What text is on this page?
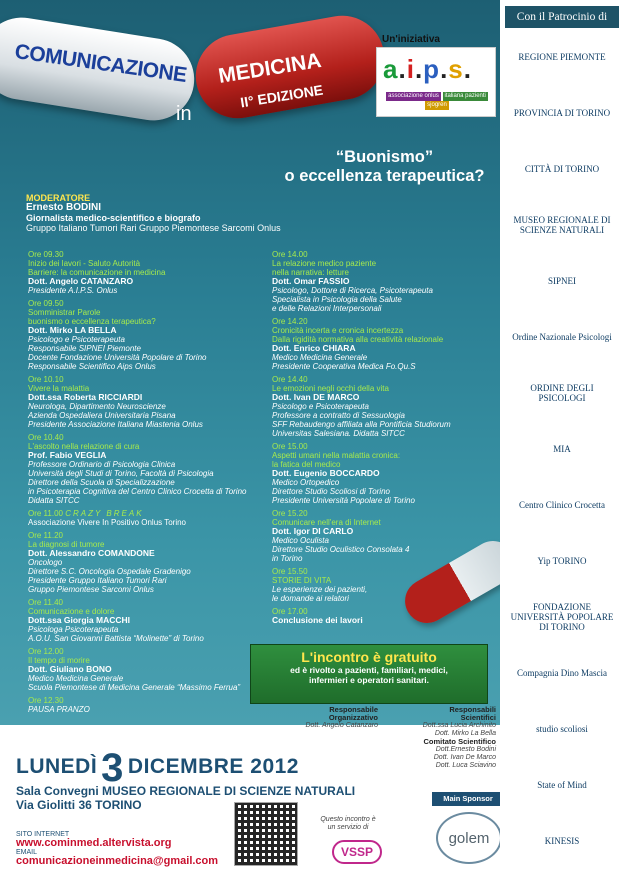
COMUNICAZIONE
in
MEDICINA
II° EDIZIONE
Un'iniziativa
a.i.p.s.
associazione onlus italiana pazienti sjogren
“Buonismo”
o eccellenza terapeutica?
MODERATORE
Ernesto BODINI
Giornalista medico-scientifico e biografo
Gruppo Italiano Tumori Rari Gruppo Piemontese Sarcomi Onlus
Ore 09.30
Inizio dei lavori - Saluto Autorità
Barriere: la comunicazione in medicina
Dott. Angelo CATANZARO
Presidente A.I.P.S. Onlus
Ore 09.50
Somministrar Parole
buonismo o eccellenza terapeutica?
Dott. Mirko LA BELLA
Psicologo e Psicoterapeuta
Responsabile SIPNEI Piemonte
Docente Fondazione Università Popolare di Torino
Responsabile Scientifico Aips Onlus
Ore 10.10
Vivere la malattia
Dott.ssa Roberta RICCIARDI
Neurologa, Dipartimento Neuroscienze
Azienda Ospedaliera Universitaria Pisana
Presidente Associazione Italiana Miastenia Onlus
Ore 10.40
L'ascolto nella relazione di cura
Prof. Fabio VEGLIA
Professore Ordinario di Psicologia Clinica
Università degli Studi di Torino, Facoltà di Psicologia
Direttore della Scuola di Specializzazione
in Psicoterapia Cognitiva del Centro Clinico Crocetta di Torino
Didatta SITCC
Ore 11.00 CRAZY BREAK
Associazione Vivere In Positivo Onlus Torino
Ore 11.20
La diagnosi di tumore
Dott. Alessandro COMANDONE
Oncologo
Direttore S.C. Oncologia Ospedale Gradenigo
Presidente Gruppo Italiano Tumori Rari
Gruppo Piemontese Sarcomi Onlus
Ore 11.40
Comunicazione e dolore
Dott.ssa Giorgia MACCHI
Psicologa Psicoterapeuta
A.O.U. San Giovanni Battista “Molinette” di Torino
Ore 12.00
Il tempo di morire
Dott. Giuliano BONO
Medico Medicina Generale
Scuola Piemontese di Medicina Generale “Massimo Ferrua”
Ore 12.30
PAUSA PRANZO
Ore 14.00
La relazione medico paziente
nella narrativa: letture
Dott. Omar FASSIO
Psicologo, Dottore di Ricerca, Psicoterapeuta
Specialista in Psicologia della Salute
e delle Relazioni Interpersonali
Ore 14.20
Cronicità incerta e cronica incertezza
Dalla rigidità normativa alla creatività relazionale
Dott. Enrico CHIARA
Medico Medicina Generale
Presidente Cooperativa Medica Fo.Qu.S
Ore 14.40
Le emozioni negli occhi della vita
Dott. Ivan DE MARCO
Psicologo e Psicoterapeuta
Professore a contratto di Sessuologia
SFF Rebaudengo affiliata alla Pontificia Studiorum
Universitas Salesiana. Didatta SITCC
Ore 15.00
Aspetti umani nella malattia cronica:
la fatica del medico
Dott. Eugenio BOCCARDO
Medico Ortopedico
Direttore Studio Scoliosi di Torino
Presidente Università Popolare di Torino
Ore 15.20
Comunicare nell'era di Internet
Dott. Igor DI CARLO
Medico Oculista
Direttore Studio Oculistico Consolata 4
in Torino
Ore 15.50
STORIE DI VITA
Le esperienze dei pazienti,
le domande ai relatori
Ore 17.00
Conclusione dei lavori
L'incontro è gratuito
ed è rivolto a pazienti, familiari, medici,
infermieri e operatori sanitari.
Responsabile
Organizzativo
Dott. Angelo Catanzaro
Responsabili
Scientifici
Dott.ssa Lucia Archinito
Dott. Mirko La Bella
Comitato Scientifico
Dott.Ernesto Bodini
Dott. Ivan De Marco
Dott. Luca Sciavino
LUNEDÌ 3 DICEMBRE 2012
Sala Convegni MUSEO REGIONALE DI SCIENZE NATURALI
Via Giolitti 36 TORINO
SITO INTERNET
www.cominmed.altervista.org
EMAIL
comunicazioneinmedicina@gmail.com
Questo incontro è un servizio di
VSSP
Main Sponsor
golem
Con il Patrocinio di
REGIONE PIEMONTE
PROVINCIA DI TORINO
CITTÀ DI TORINO
MUSEO REGIONALE DI SCIENZE NATURALI
SIPNEI
Ordine Nazionale Psicologi
ORDINE DEGLI PSICOLOGI
MIA
Centro Clinico Crocetta
Yip TORINO
FONDAZIONE UNIVERSITÀ POPOLARE DI TORINO
Compagnia Dino Mascia
studio scoliosi
State of Mind
KINESIS
